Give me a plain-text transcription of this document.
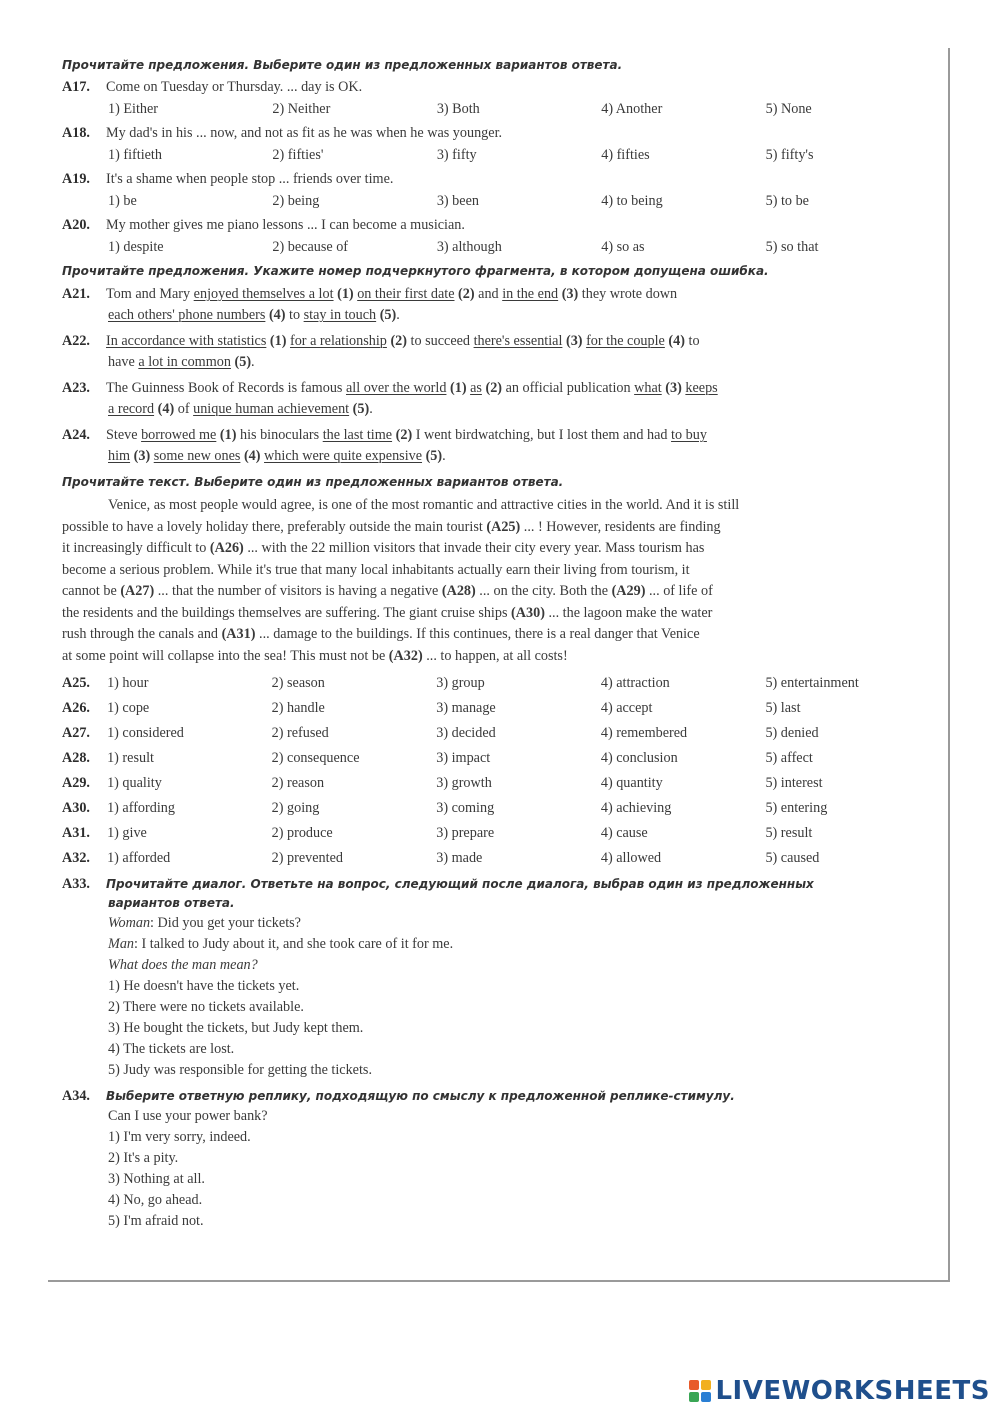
Прочитайте предложения. Выберите один из предложенных вариантов ответа.
A17. Come on Tuesday or Thursday. ... day is OK.
1) Either	2) Neither	3) Both	4) Another	5) None
A18. My dad's in his ... now, and not as fit as he was when he was younger.
1) fiftieth	2) fifties'	3) fifty	4) fifties	5) fifty's
A19. It's a shame when people stop ... friends over time.
1) be	2) being	3) been	4) to being	5) to be
A20. My mother gives me piano lessons ... I can become a musician.
1) despite	2) because of	3) although	4) so as	5) so that
Прочитайте предложения. Укажите номер подчеркнутого фрагмента, в котором допущена ошибка.
A21. Tom and Mary enjoyed themselves a lot (1) on their first date (2) and in the end (3) they wrote down
each others' phone numbers (4) to stay in touch (5).
A22. In accordance with statistics (1) for a relationship (2) to succeed there's essential (3) for the couple (4) to
have a lot in common (5).
A23. The Guinness Book of Records is famous all over the world (1) as (2) an official publication what (3) keeps
a record (4) of unique human achievement (5).
A24. Steve borrowed me (1) his binoculars the last time (2) I went birdwatching, but I lost them and had to buy
him (3) some new ones (4) which were quite expensive (5).
Прочитайте текст. Выберите один из предложенных вариантов ответа.
Venice, as most people would agree, is one of the most romantic and attractive cities in the world. And it is still
possible to have a lovely holiday there, preferably outside the main tourist (A25) ... ! However, residents are finding
it increasingly difficult to (A26) ... with the 22 million visitors that invade their city every year. Mass tourism has
become a serious problem. While it's true that many local inhabitants actually earn their living from tourism, it
cannot be (A27) ... that the number of visitors is having a negative (A28) ... on the city. Both the (A29) ... of life of
the residents and the buildings themselves are suffering. The giant cruise ships (A30) ... the lagoon make the water
rush through the canals and (A31) ... damage to the buildings. If this continues, there is a real danger that Venice
at some point will collapse into the sea! This must not be (A32) ... to happen, at all costs!
A25.	1) hour	2) season	3) group	4) attraction	5) entertainment
A26.	1) cope	2) handle	3) manage	4) accept	5) last
A27.	1) considered	2) refused	3) decided	4) remembered	5) denied
A28.	1) result	2) consequence	3) impact	4) conclusion	5) affect
A29.	1) quality	2) reason	3) growth	4) quantity	5) interest
A30.	1) affording	2) going	3) coming	4) achieving	5) entering
A31.	1) give	2) produce	3) prepare	4) cause	5) result
A32.	1) afforded	2) prevented	3) made	4) allowed	5) caused
A33. Прочитайте диалог. Ответьте на вопрос, следующий после диалога, выбрав один из предложенных
вариантов ответа.
Woman: Did you get your tickets?
Man: I talked to Judy about it, and she took care of it for me.
What does the man mean?
1) He doesn't have the tickets yet.
2) There were no tickets available.
3) He bought the tickets, but Judy kept them.
4) The tickets are lost.
5) Judy was responsible for getting the tickets.
A34. Выберите ответную реплику, подходящую по смыслу к предложенной реплике-стимулу.
Can I use your power bank?
1) I'm very sorry, indeed.
2) It's a pity.
3) Nothing at all.
4) No, go ahead.
5) I'm afraid not.
LIVEWORKSHEETS
